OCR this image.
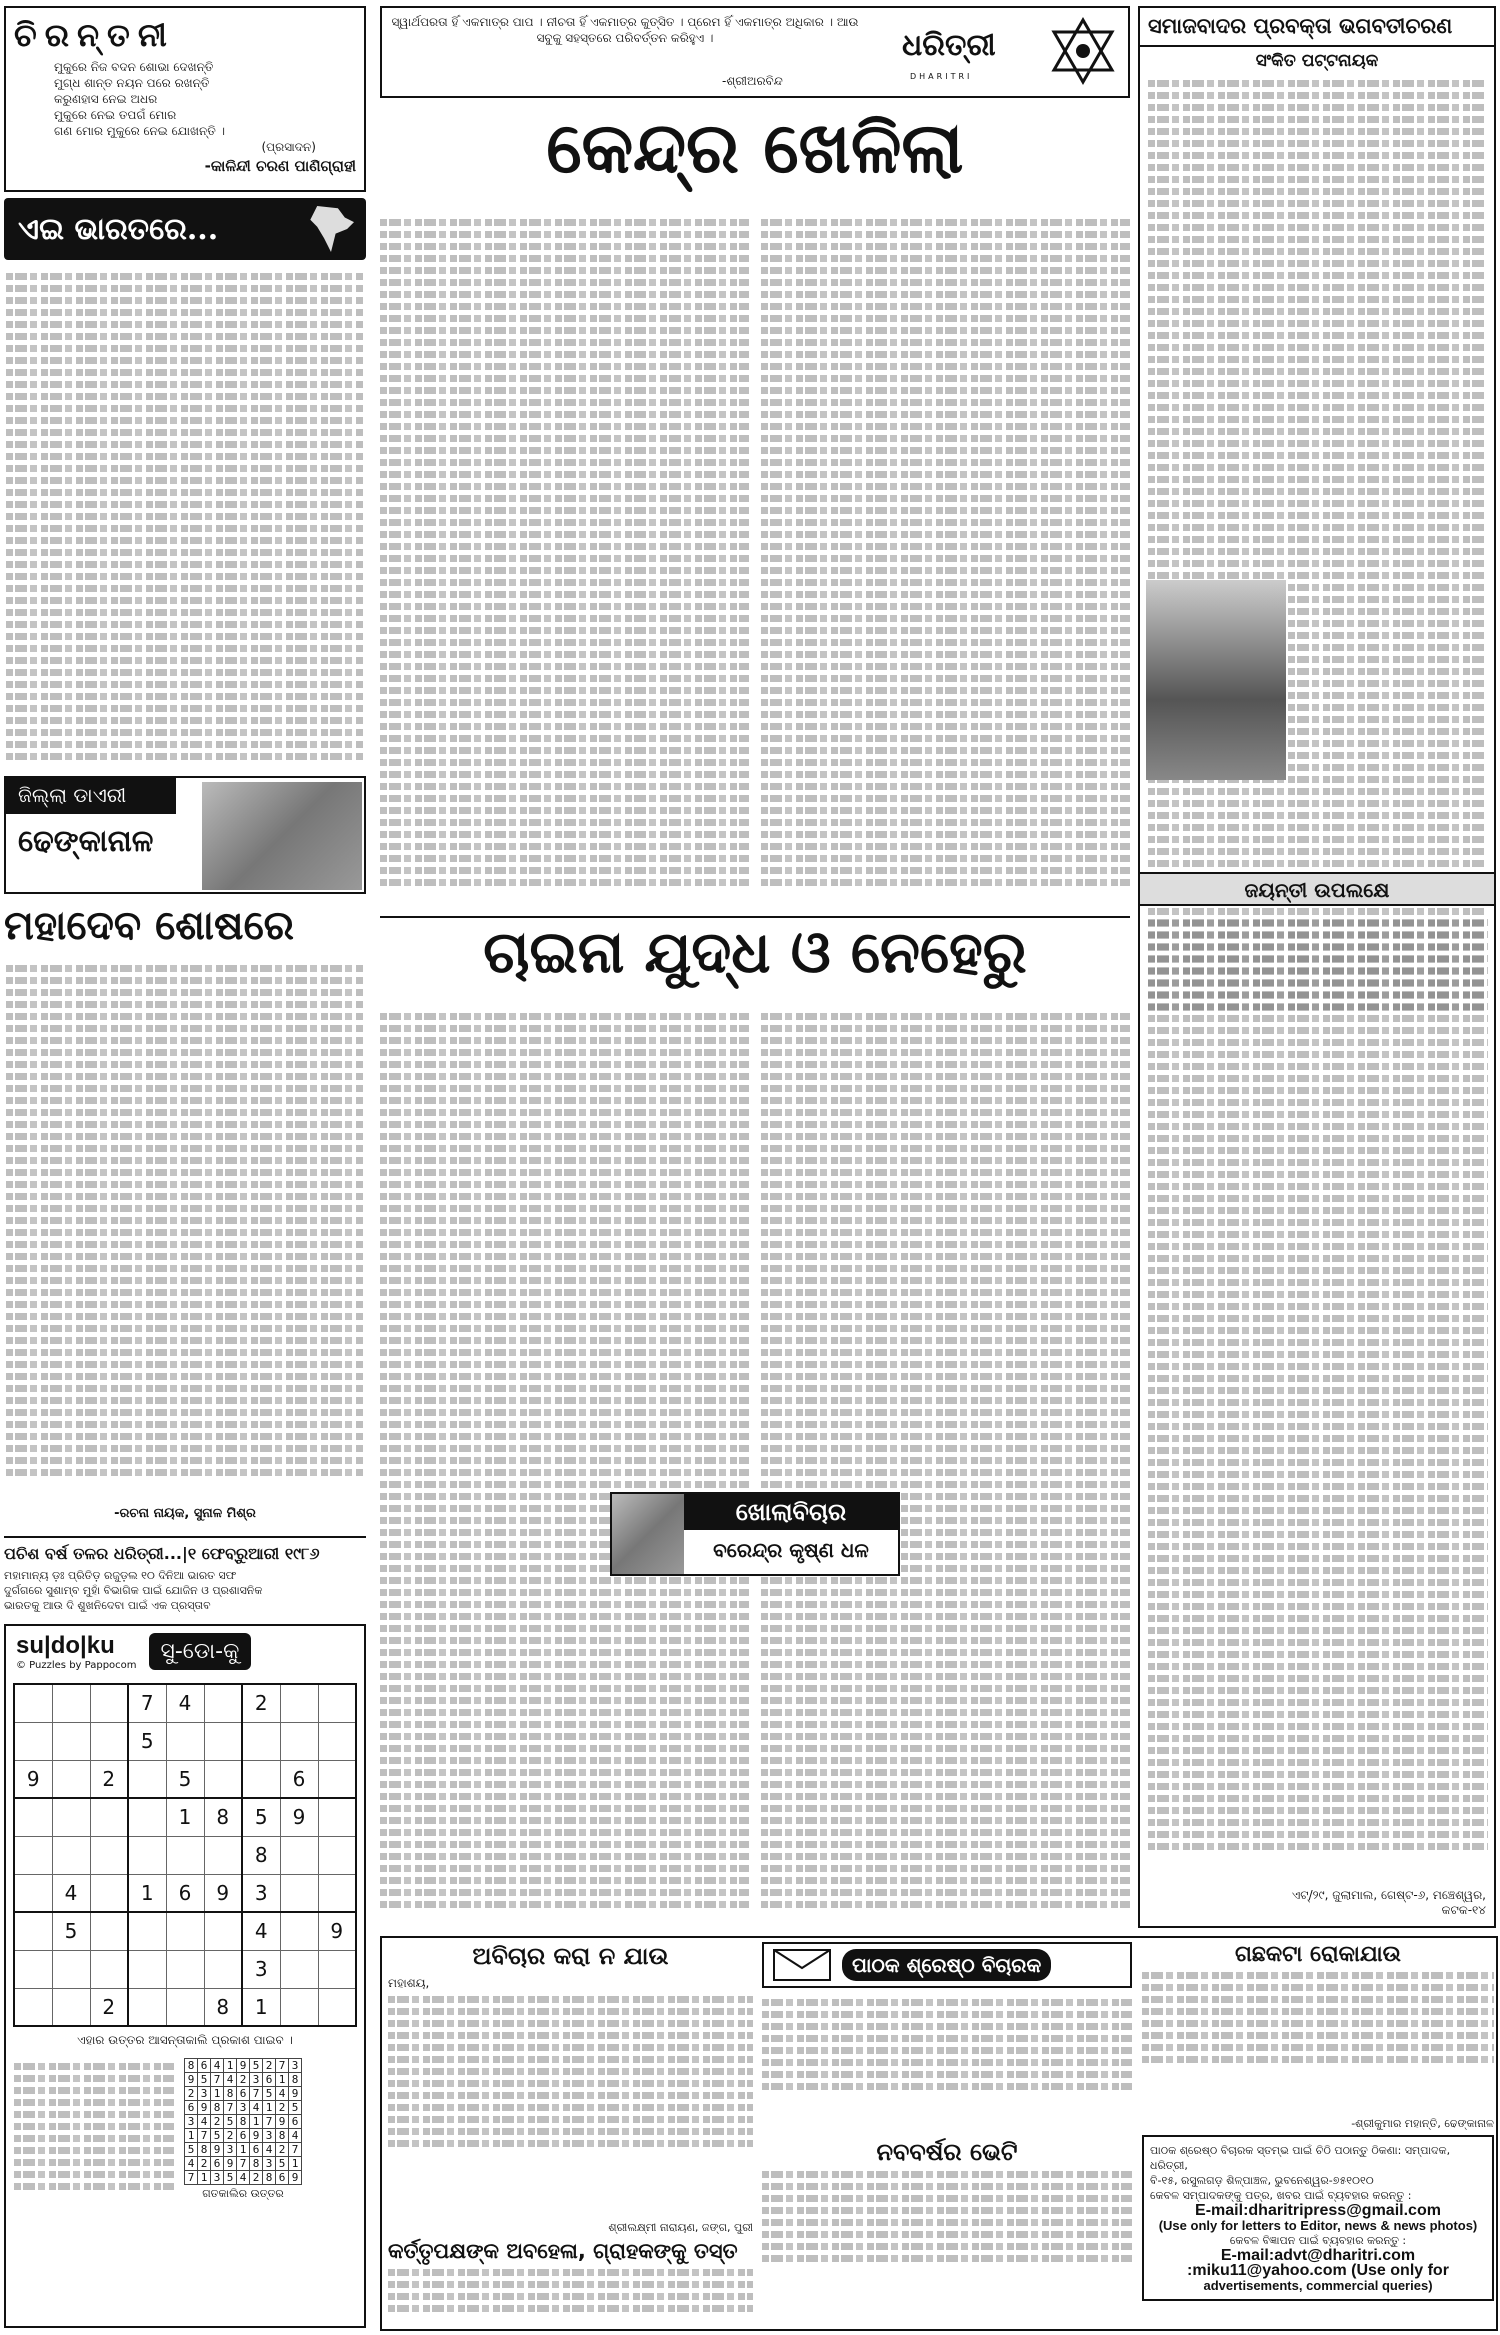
ଚିରନ୍ତନୀ
ମୁକୁରେ ନିଜ ବଦନ ଶୋଭା ଦେଖନ୍ତି
ମୁଗ୍ଧ ଶାନ୍ତ ନୟନ ପରେ ରଖନ୍ତି
କରୁଣହାସ ନେଇ ଅଧର
ମୁକୁରେ ନେଇ ତପଗଁ ମୋର
ଗଣ ମୋର ମୁକୁରେ ନେଇ ଯୋଖନ୍ତି ।
(ପ୍ରସାଦନ)
-କାଳିନ୍ଦୀ ଚରଣ ପାଣିଗ୍ରାହୀ
ଏଇ ଭାରତରେ...
ଜିଲ୍ଲା ଡାଏରୀ
ଢେଙ୍କାନାଳ
ମହାଦେବ ଶୋଷରେ
-ରଚନା ନାୟକ, ସୁନାଳ ମିଶ୍ର
ପଚିଶ ବର୍ଷ ତଳର ଧରିତ୍ରୀ...|୧ ଫେବ୍ରୁଆରୀ ୧୯୮୬
ମହାମାନ୍ୟ ଡ଼ଃ ପ୍ରିତିଡ଼ ରଜୁଡ଼ଲ ୧୦ ଦିନିଆ ଭାରତ ସଫ
ଦୁର୍ଗଗରେ ସୁଶାମ୍ବ ମୁହାଁ ବିଭାଗିକ ପାଇଁ ଯୋଜିନ ଓ ପ୍ରଶାସନିକ
ଭାରତକୁ ଆଉ ଦି ଶୁଖନିଦେବା ପାଇଁ ଏକ ପ୍ରସ୍ତାବ
su|do|ku
© Puzzles by Pappocom
ସୁ-ଡୋ-କୁ
			7	4		2		
			5					
9		2		5			6	
				1	8	5	9	
						8		
	4		1	6	9	3		
	5					4		9
						3		
		2			8	1		
ଏହାର ଉତ୍ତର ଆସନ୍ତାକାଲି ପ୍ରକାଶ ପାଇବ ।
8	6	4	1	9	5	2	7	3
9	5	7	4	2	3	6	1	8
2	3	1	8	6	7	5	4	9
6	9	8	7	3	4	1	2	5
3	4	2	5	8	1	7	9	6
1	7	5	2	6	9	3	8	4
5	8	9	3	1	6	4	2	7
4	2	6	9	7	8	3	5	1
7	1	3	5	4	2	8	6	9
ଗତକାଲିର ଉତ୍ତର
ସ୍ୱାର୍ଥପରତା ହିଁ ଏକମାତ୍ର ପାପ । ନୀଚତା ହିଁ ଏକମାତ୍ର କୁତ୍ସିତ । ପ୍ରେମ ହିଁ ଏକମାତ୍ର ଅଧିକାର । ଆଉ ସବୁକୁ ସହସ୍ତରେ ପରିବର୍ତ୍ତନ କରିହୁଏ ।
-ଶ୍ରୀଅରବିନ୍ଦ
ଧରିତ୍ରୀ
DHARITRI
କେନ୍ଦ୍ର ଖେଳିଲା
ଚାଇନା ଯୁଦ୍ଧ ଓ ନେହେରୁ
ଖୋଲାବିଚାର
ବରେନ୍ଦ୍ର କୃଷ୍ଣ ଧଳ
ସମାଜବାଦର ପ୍ରବକ୍ତା ଭଗବତୀଚରଣ
ସଂକିତ ପଟ୍ଟନାୟକ
ଜୟନ୍ତୀ ଉପଲକ୍ଷେ
ଏଟ୍/୨୯, ଜୁଲାମାଲ, ଗେଷ୍ଟ-୬, ମଞ୍ଚେଶ୍ୱର, କଟକ-୧୪
ଅବିଚାର କରା ନ ଯାଉ
ମହାଶୟ,
ଶ୍ରୀଲକ୍ଷ୍ମୀ ନାରାୟଣ, ଜଙ୍ଗ, ପୁରୀ
କର୍ତ୍ତୃପକ୍ଷଙ୍କ ଅବହେଳା, ଗ୍ରାହକଙ୍କୁ ତସ୍ତ
ପାଠକ ଶ୍ରେଷ୍ଠ ବିଚାରକ
ନବବର୍ଷର ଭେଟି
ଗଛକଟା ରୋକାଯାଉ
-ଶ୍ରୀକୁମାର ମହାନ୍ତି, ଢେଙ୍କାନାଳ
ପାଠକ ଶ୍ରେଷ୍ଠ ବିଚାରକ ସ୍ତମ୍ଭ ପାଇଁ ଚିଠି ପଠାନ୍ତୁ ଠିକଣା: ସମ୍ପାଦକ, ଧରିତ୍ରୀ,
ବି-୧୫, ରସୁଲଗଡ଼ ଶିଳ୍ପାଞ୍ଚଳ, ଭୁବନେଶ୍ୱର-୭୫୧୦୧୦
କେବଳ ସମ୍ପାଦକଙ୍କୁ ପତ୍ର, ଖବର ପାଇଁ ବ୍ୟବହାର କରନ୍ତୁ :
E-mail:dharitripress@gmail.com
(Use only for letters to Editor, news & news photos)
କେବଳ ବିଜ୍ଞାପନ ପାଇଁ ବ୍ୟବହାର କରନ୍ତୁ :
E-mail:advt@dharitri.com
:miku11@yahoo.com (Use only for
advertisements, commercial queries)
